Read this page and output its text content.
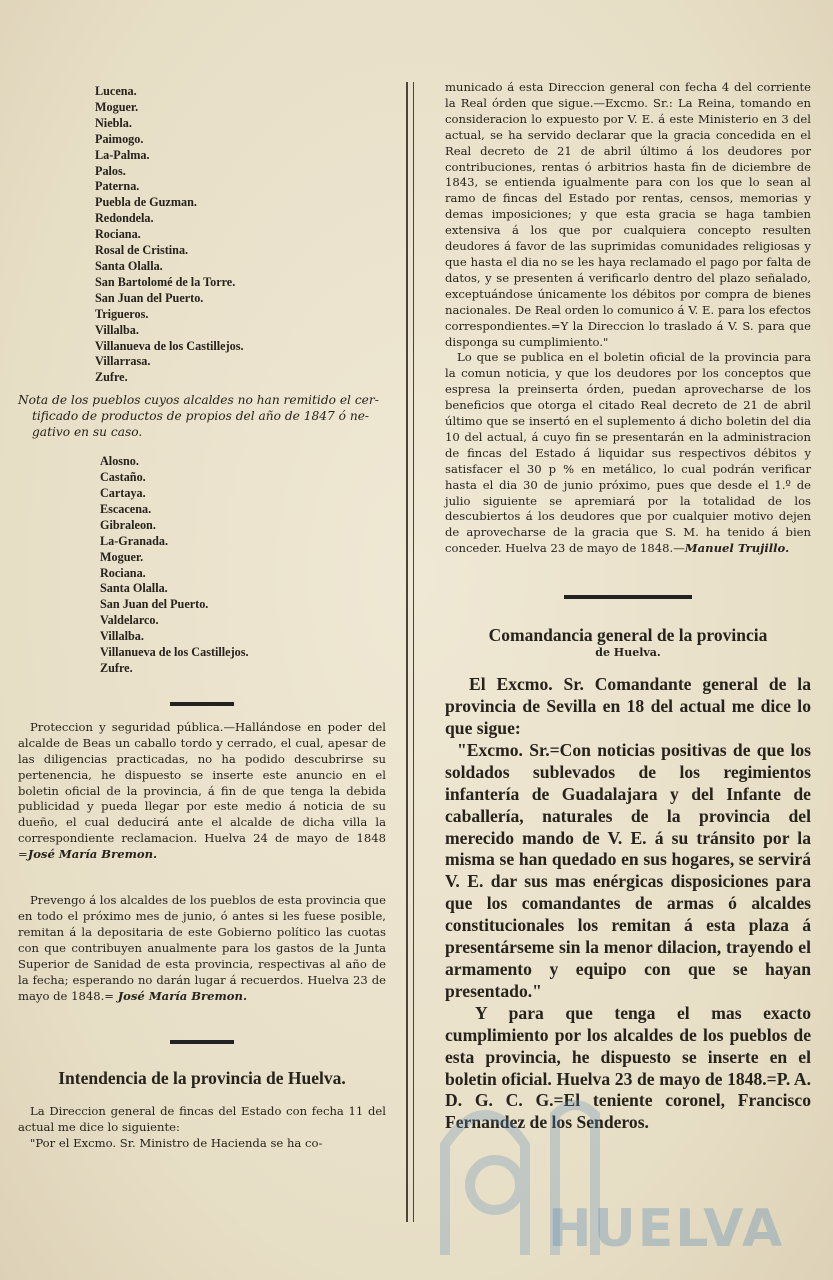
Lucena.
Moguer.
Niebla.
Paimogo.
La-Palma.
Palos.
Paterna.
Puebla de Guzman.
Redondela.
Rociana.
Rosal de Cristina.
Santa Olalla.
San Bartolomé de la Torre.
San Juan del Puerto.
Trigueros.
Villalba.
Villanueva de los Castillejos.
Villarrasa.
Zufre.

Nota de los pueblos cuyos alcaldes no han remitido el cer-
tificado de productos de propios del año de 1847 ó ne-
gativo en su caso.

Alosno.
Castaño.
Cartaya.
Escacena.
Gibraleon.
La-Granada.
Moguer.
Rociana.
Santa Olalla.
San Juan del Puerto.
Valdelarco.
Villalba.
Villanueva de los Castillejos.
Zufre.

Proteccion y seguridad pública.—Hallándose en poder del alcalde de Beas un caballo tordo y cerrado, el cual, apesar de las diligencias practicadas, no ha podido descubrirse su pertenencia, he dispuesto se inserte este anuncio en el boletin oficial de la provincia, á fin de que tenga la debida publicidad y pueda llegar por este medio á noticia de su dueño, el cual deducirá ante el alcalde de dicha villa la correspondiente reclamacion. Huelva 24 de mayo de 1848 =José María Bremon.

Prevengo á los alcaldes de los pueblos de esta provincia que en todo el próximo mes de junio, ó antes si les fuese posible, remitan á la depositaria de este Gobierno político las cuotas con que contribuyen anualmente para los gastos de la Junta Superior de Sanidad de esta provincia, respectivas al año de la fecha; esperando no darán lugar á recuerdos. Huelva 23 de mayo de 1848.= José María Bremon.

Intendencia de la provincia de Huelva.

La Direccion general de fincas del Estado con fecha 11 del actual me dice lo siguiente:

"Por el Excmo. Sr. Ministro de Hacienda se ha co-

municado á esta Direccion general con fecha 4 del corriente la Real órden que sigue.—Excmo. Sr.: La Reina, tomando en consideracion lo expuesto por V. E. á este Ministerio en 3 del actual, se ha servido declarar que la gracia concedida en el Real decreto de 21 de abril último á los deudores por contribuciones, rentas ó arbitrios hasta fin de diciembre de 1843, se entienda igualmente para con los que lo sean al ramo de fincas del Estado por rentas, censos, memorias y demas imposiciones; y que esta gracia se haga tambien extensiva á los que por cualquiera concepto resulten deudores á favor de las suprimidas comunidades religiosas y que hasta el dia no se les haya reclamado el pago por falta de datos, y se presenten á verificarlo dentro del plazo señalado, exceptuándose únicamente los débitos por compra de bienes nacionales. De Real orden lo comunico á V. E. para los efectos correspondientes.=Y la Direccion lo traslado á V. S. para que disponga su cumplimiento."

Lo que se publica en el boletin oficial de la provincia para la comun noticia, y que los deudores por los conceptos que espresa la preinserta órden, puedan aprovecharse de los beneficios que otorga el citado Real decreto de 21 de abril último que se insertó en el suplemento á dicho boletin del dia 10 del actual, á cuyo fin se presentarán en la administracion de fincas del Estado á liquidar sus respectivos débitos y satisfacer el 30 p % en metálico, lo cual podrán verificar hasta el dia 30 de junio próximo, pues que desde el 1.º de julio siguiente se apremiará por la totalidad de los descubiertos á los deudores que por cualquier motivo dejen de aprovecharse de la gracia que S. M. ha tenido á bien conceder. Huelva 23 de mayo de 1848.—Manuel Trujillo.

Comandancia general de la provincia

de Huelva.

El Excmo. Sr. Comandante general de la provincia de Sevilla en 18 del actual me dice lo que sigue:

"Excmo. Sr.=Con noticias positivas de que los soldados sublevados de los regimientos infantería de Guadalajara y del Infante de caballería, naturales de la provincia del merecido mando de V. E. á su tránsito por la misma se han quedado en sus hogares, se servirá V. E. dar sus mas enérgicas disposiciones para que los comandantes de armas ó alcaldes constitucionales los remitan á esta plaza á presentárseme sin la menor dilacion, trayendo el armamento y equipo con que se hayan presentado."

Y para que tenga el mas exacto cumplimiento por los alcaldes de los pueblos de esta provincia, he dispuesto se inserte en el boletin oficial. Huelva 23 de mayo de 1848.=P. A. D. G. C. G.=El teniente coronel, Francisco Fernandez de los Senderos.

HUELVA
